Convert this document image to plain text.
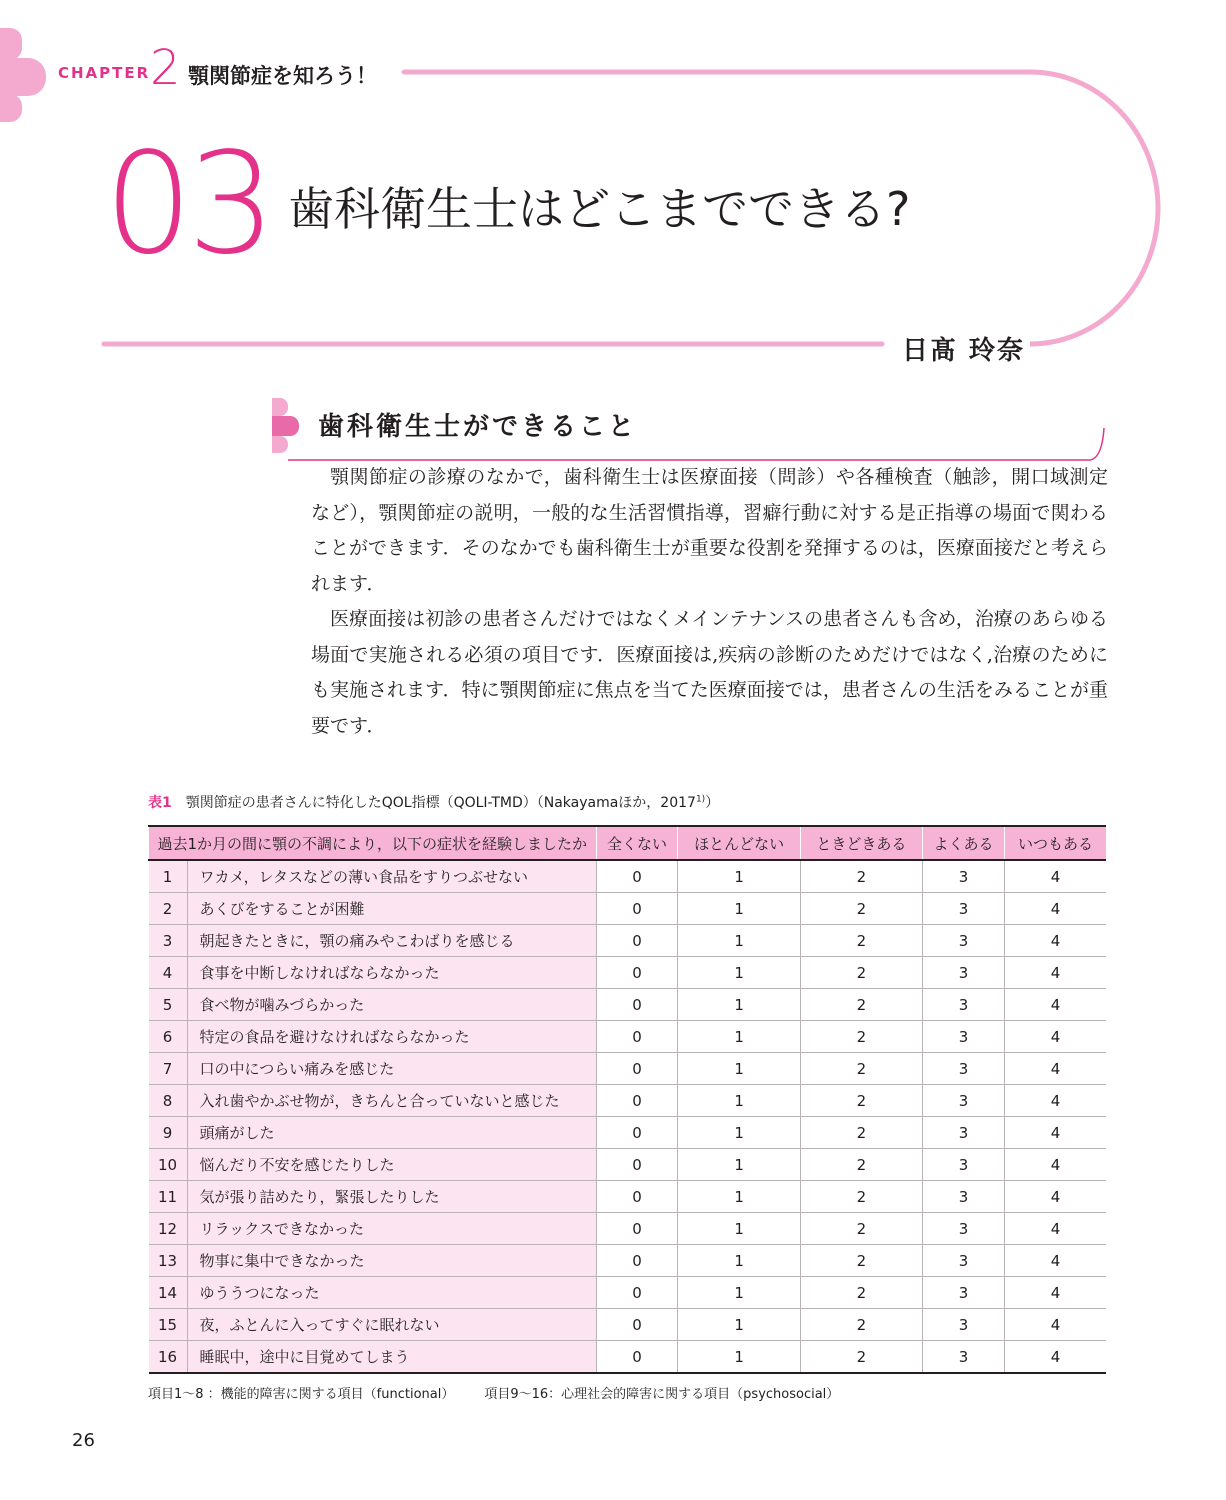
CHAPTER 2 顎関節症を知ろう！
03 歯科衛生士はどこまでできる?
日髙 玲奈
歯科衛生士ができること

顎関節症の診療のなかで，歯科衛生士は医療面接（問診）や各種検査（触診，開口域測定など），顎関節症の説明，一般的な生活習慣指導，習癖行動に対する是正指導の場面で関わることができます．そのなかでも歯科衛生士が重要な役割を発揮するのは，医療面接だと考えられます．

医療面接は初診の患者さんだけではなくメインテナンスの患者さんも含め，治療のあらゆる場面で実施される必須の項目です．医療面接は,疾病の診断のためだけではなく,治療のためにも実施されます．特に顎関節症に焦点を当てた医療面接では，患者さんの生活をみることが重要です．

表1 顎関節症の患者さんに特化したQOL指標（QOLI-TMD）（Nakayamaほか，2017$^{1)}$）
過去1か月の間に顎の不調により，以下の症状を経験しましたか		全くない	ほとんどない	ときどきある	よくある	いつもある
1	ワカメ，レタスなどの薄い食品をすりつぶせない	0	1	2	3	4
2	あくびをすることが困難	0	1	2	3	4
3	朝起きたときに，顎の痛みやこわばりを感じる	0	1	2	3	4
4	食事を中断しなければならなかった	0	1	2	3	4
5	食べ物が噛みづらかった	0	1	2	3	4
6	特定の食品を避けなければならなかった	0	1	2	3	4
7	口の中につらい痛みを感じた	0	1	2	3	4
8	入れ歯やかぶせ物が，きちんと合っていないと感じた	0	1	2	3	4
9	頭痛がした	0	1	2	3	4
10	悩んだり不安を感じたりした	0	1	2	3	4
11	気が張り詰めたり，緊張したりした	0	1	2	3	4
12	リラックスできなかった	0	1	2	3	4
13	物事に集中できなかった	0	1	2	3	4
14	ゆううつになった	0	1	2	3	4
15	夜，ふとんに入ってすぐに眠れない	0	1	2	3	4
16	睡眠中，途中に目覚めてしまう	0	1	2	3	4
項目1～8 ：機能的障害に関する項目（functional） 項目9～16：心理社会的障害に関する項目（psychosocial）
26
